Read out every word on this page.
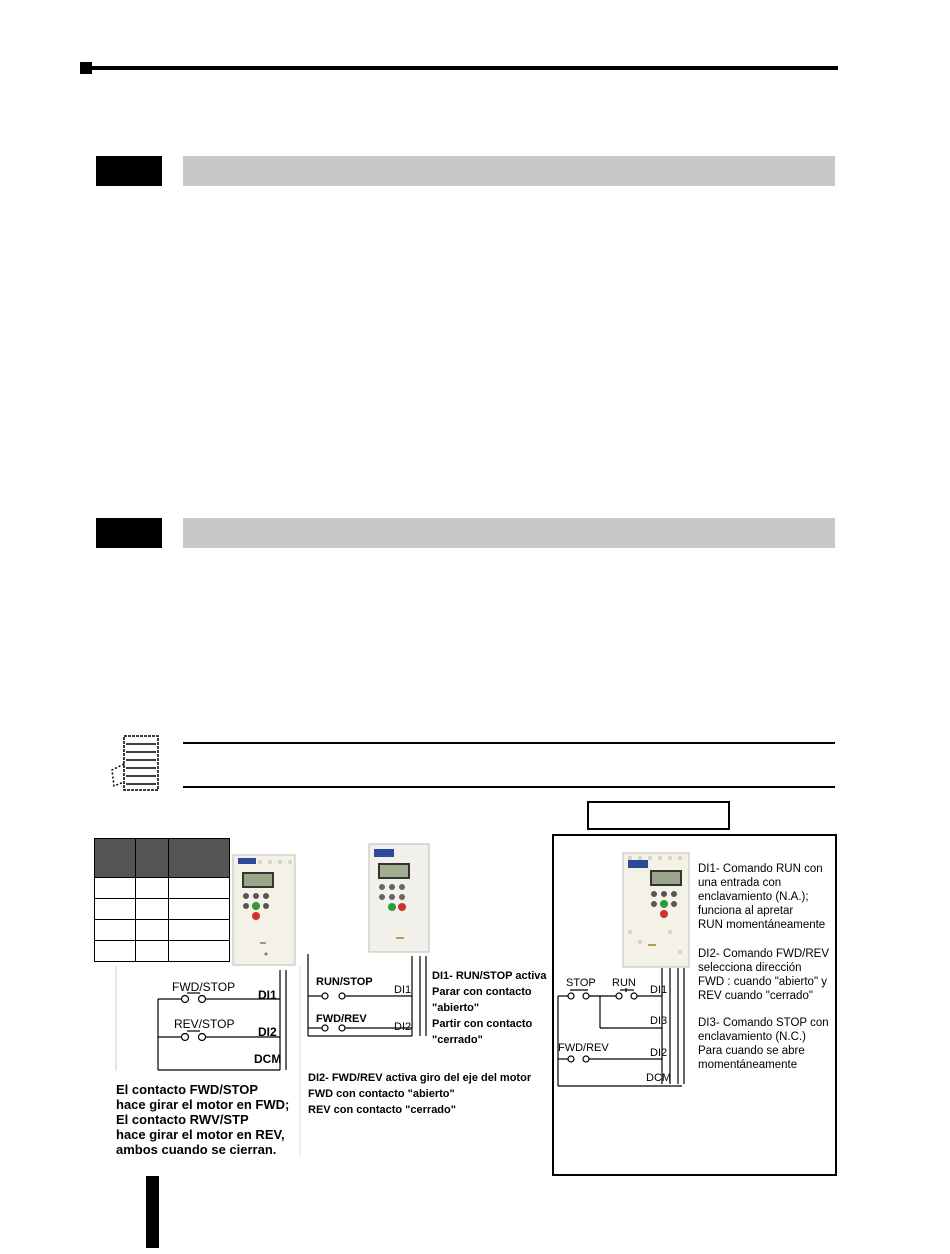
FWD/STOP
REV/STOP
DI1
DI2
DCM
El contacto FWD/STOP
hace girar el motor en FWD;
El contacto RWV/STP
hace girar el motor en REV,
ambos cuando se cierran.
RUN/STOP
FWD/REV
DI1
DI2
DI1- RUN/STOP activa
Parar con contacto
"abierto"
Partir con contacto
"cerrado"
DI2- FWD/REV activa giro del eje del motor
FWD con contacto "abierto"
REV con contacto "cerrado"
STOP RUN
DI1
DI3
FWD/REV	DI2
DCM
DI1- Comando RUN con
una entrada con
enclavamiento (N.A.);
funciona al apretar
RUN momentáneamente
DI2- Comando FWD/REV
selecciona dirección
FWD : cuando "abierto" y
REV cuando "cerrado"
DI3- Comando STOP con
enclavamiento (N.C.)
Para cuando se abre
momentáneamente
